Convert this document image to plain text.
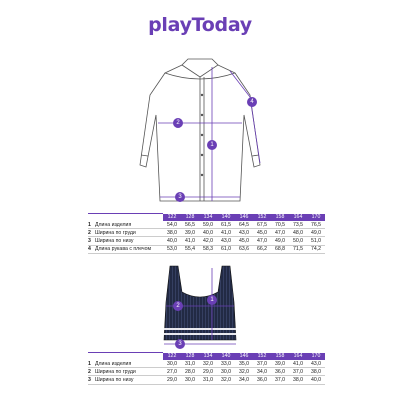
playToday
1
2
3
4
		122	128	134	140	146	152	158	164	170
1	Длина изделия	54,0	56,5	59,0	61,5	64,5	67,5	70,5	73,5	76,5
2	Ширина по груди	38,0	39,0	40,0	41,0	43,0	45,0	47,0	48,0	49,0
3	Ширина по низу	40,0	41,0	42,0	43,0	45,0	47,0	49,0	50,0	51,0
4	Длина рукава с плечом	53,0	55,4	58,3	61,0	63,6	66,2	68,8	71,5	74,2
1
2
3
		122	128	134	140	146	152	158	164	170
1	Длина изделия	30,0	31,0	32,0	33,0	35,0	37,0	39,0	41,0	43,0
2	Ширина по груди	27,0	28,0	29,0	30,0	32,0	34,0	36,0	37,0	38,0
3	Ширина по низу	29,0	30,0	31,0	32,0	34,0	36,0	37,0	38,0	40,0
